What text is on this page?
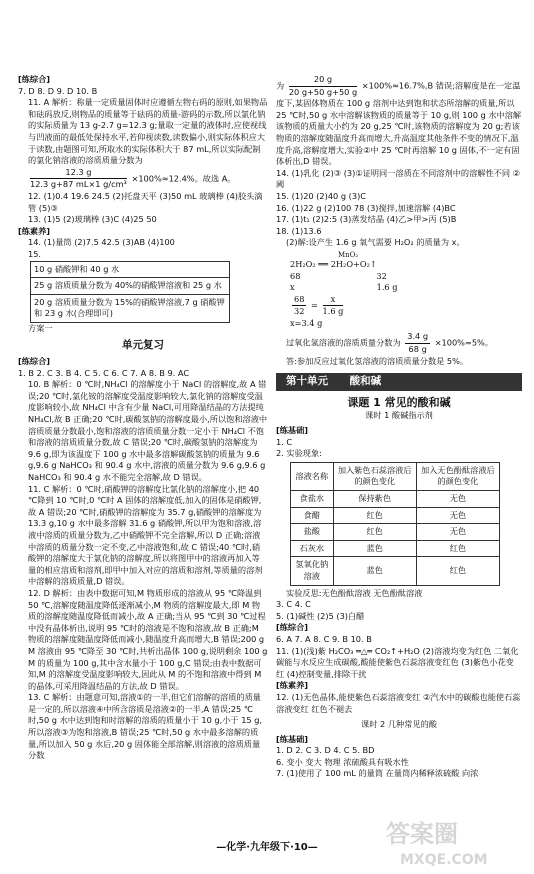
[练综合]

7. D 8. D 9. D 10. B

11. A 解析：称量一定质量固体时应遵循左物右码的原则,如果物品和砝码放反,则物品的质量等于砝码的质量-游码的示数,所以氯化钠的实际质量为 13 g-2.7 g=12.3 g;量取一定量的液体时,应使视线与凹液面的最低处保持水平,若仰视读数,读数偏小,则实际体积应大于读数,由题图可知,所取水的实际体积大于 87 mL,所以实际配制的氯化钠溶液的溶质质量分数为

$\frac{12.3 g}{\text{12.3 g+87 mL×1 g/cm³}} \times 100\%\approx 12.4\%$。故选 A。

12. (1)0.4 19.6 24.5 (2)托盘天平 (3)50 mL 玻璃棒 (4)胶头滴管 (5)③

13. (1)5 (2)玻璃棒 (3)C (4)25 50

[练素养]

14. (1)量筒 (2)7.5 42.5 (3)AB (4)100

15.

10 g 硝酸钾和 40 g 水
25 g 溶质质量分数为 40%的硝酸钾溶液和 25 g 水
20 g 溶质质量分数为 15%的硝酸钾溶液,7 g 硝酸钾和 23 g 水(合理即可)

方案一

单元复习

[练综合]

1. B 2. C 3. B 4. C 5. C 6. C 7. A 8. B 9. AC

10. B 解析：0 ℃时,NH₄Cl 的溶解度小于 NaCl 的溶解度,故 A 错误;20 ℃时,氯化铵的溶解度受温度影响较大,氯化钠的溶解度受温度影响较小,故 NH₄Cl 中含有少量 NaCl,可用降温结晶的方法提纯 NH₄Cl,故 B 正确;20 ℃时,碳酸氢钠的溶解度最小,所以饱和溶液中溶质质量分数最小,饱和溶液的溶质质量分数一定小于 NH₄Cl 不饱和溶液的溶质质量分数,故 C 错误;20 ℃时,碳酸氢钠的溶解度为 9.6 g,即为该温度下 100 g 水中最多溶解碳酸氢钠的质量为 9.6 g,9.6 g NaHCO₃ 和 90.4 g 水中,溶液的质量分数为 9.6 g,9.6 g NaHCO₃ 和 90.4 g 水不能完全溶解,故 D 错误。

11. C 解析：0 ℃时,硝酸钾的溶解度比氯化钠的溶解度小,把 40 ℃降到 10 ℃时,0 ℃时 A 固体的溶解度低,加入的固体是硝酸钾,故 A 错误;20 ℃时,硝酸钾的溶解度为 35.7 g,硝酸钾的溶解度为 13.3 g,10 g 水中最多溶解 31.6 g 硝酸钾,所以甲为饱和溶液,溶液中溶质的质量分数为,乙中硝酸钾不完全溶解,所以 D 正确;溶液中溶质的质量分数一定不变,乙中溶液饱和,故 C 错误;40 ℃时,硝酸钾的溶解度大于氯化钠的溶解度,所以将图甲中的溶液再加入等量的相应溶质和溶剂,即甲中加入对应的溶质和溶剂,等质量的溶剂中溶解的溶质质量,D 错误。

12. D 解析：由表中数据可知,M 物质形成的溶液从 95 ℃降温到 50 ℃,溶解度随温度降低逐渐减小,M 物质的溶解度最大,即 M 物质的溶解度随温度降低而减小,故 A 正确;当从 95 ℃到 30 ℃过程中没有晶体析出,说明 95 ℃时的溶液是不饱和溶液,故 B 正确;M 物质的溶解度随温度降低而减小,随温度升高而增大,B 错误;200 g M 溶液由 95 ℃降至 30 ℃时,共析出晶体 100 g,说明剩余 100 g M 的质量为 100 g,其中含水量小于 100 g,C 错误;由表中数据可知,M 的溶解度受温度影响较大,因此从 M 的不饱和溶液中得到 M 的晶体,可采用降温结晶的方法,故 D 错误。

13. C 解析：由题意可知,溶液①的一半,但它们溶解的溶质的质量是一定的,所以溶液④中所含溶质是溶液②的一半,A 错误;25 ℃时,50 g 水中达到饱和时溶解的溶质的质量小于 10 g,小于 15 g,所以溶液③为饱和溶液,B 错误;25 ℃时,50 g 水中最多溶解的质量,所以加入 50 g 水后,20 g 固体能全部溶解,则溶液的溶质质量分数

为 $\frac{20 g}{20 g+50 g+50 g} \times 100\%\approx 16.7\%,B$ 错误;溶解度是在一定温度下,某固体物质在 100 g 溶剂中达到饱和状态所溶解的质量,所以 25 ℃时,50 g 水中溶解该物质的质量等于 10 g,则 100 g 水中溶解该物质的质量大小约为 20 g,25 ℃时,该物质的溶解度为 20 g;若该物质的溶解度随温度升高而增大,升高温度其他条件不变的情况下,温度升高,溶解度增大,实验②中 25 ℃时再溶解 10 g 固体,不一定有固体析出,D 错误。

14. (1)乳化 (2)③ (3)①证明同一溶质在不同溶剂中的溶解性不同 ②阈

15. (1)20 (2)40 g (3)C

16. (1)22 g (2)100 78 (3)搅拌,加速溶解 (4)BC

17. (1)t₁ (2)2:5 (3)蒸发结晶 (4)乙>甲>丙 (5)B

18. (1)13.6

(2)解:设产生 1.6 g 氧气需要 H₂O₂ 的质量为 x。

MnO₂
2H₂O₂ ══ 2H₂O+O₂↑
68	32
x	1.6 g
$\frac{68}{32} = \frac{x}{1.6 g}$
x=3.4 g

过氧化氢溶液的溶质质量分数为 $\frac{3.4 g}{68 g} \times 100\%=5\%$。

答:参加反应过氧化氢溶液的溶质质量分数是 5%。

第十单元 酸和碱
课题 1 常见的酸和碱
课时 1 酸碱指示剂

[练基础]

1. C

2. 实验现象:

溶液名称	加入紫色石蕊溶液后的颜色变化	加入无色酚酞溶液后的颜色变化
食盐水	保持紫色	无色
食醋	红色	无色
盐酸	红色	无色
石灰水	蓝色	红色
氢氧化钠溶液	蓝色	红色

实验反思:无色酚酞溶液 无色酚酞溶液

3. C 4. C

5. (1)碱性 (2)5 (3)白醋

[练综合]

6. A 7. A 8. C 9. B 10. B

11. (1)(浅)紫 H₂CO₃ ═△═ CO₂↑+H₂O (2)溶液均变为红色 二氧化碳能与水反应生成碳酸,酸能使紫色石蕊溶液变红色 (3)紫色小花变红 (4)控制变量,排除干扰

[练素养]

12. (1)无色晶体,能使紫色石蕊溶液变红 ②汽水中的碳酸也能使石蕊溶液变红 红色不褪去

课时 2 几种常见的酸

[练基础]

1. D 2. C 3. D 4. C 5. BD

6. 变小 变大 物理 浓硫酸具有吸水性

7. (1)使用了 100 mL 的量筒 在量筒内稀释浓硫酸 向浓

—化学·九年级下·10—	答案圈
MXQE.COM
